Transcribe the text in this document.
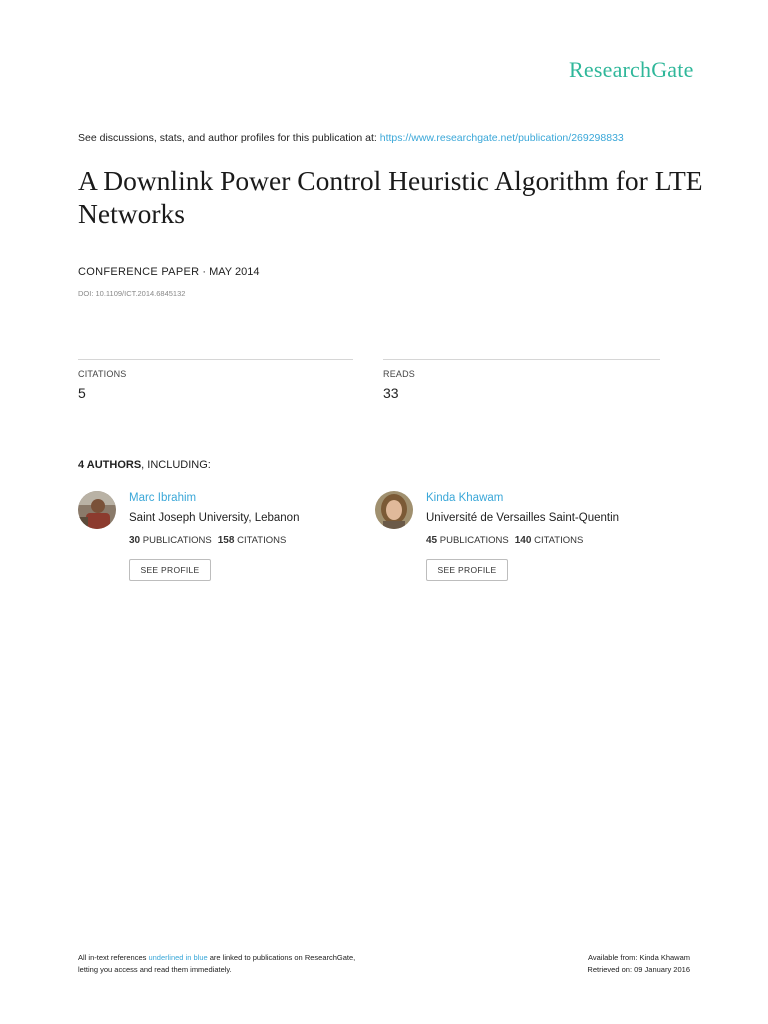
ResearchGate
See discussions, stats, and author profiles for this publication at: https://www.researchgate.net/publication/269298833
A Downlink Power Control Heuristic Algorithm for LTE Networks
CONFERENCE PAPER · MAY 2014
DOI: 10.1109/ICT.2014.6845132
CITATIONS
5
READS
33
4 AUTHORS, INCLUDING:
Marc Ibrahim
Saint Joseph University, Lebanon
30 PUBLICATIONS 158 CITATIONS
SEE PROFILE
Kinda Khawam
Université de Versailles Saint-Quentin
45 PUBLICATIONS 140 CITATIONS
SEE PROFILE
All in-text references underlined in blue are linked to publications on ResearchGate,
letting you access and read them immediately.
Available from: Kinda Khawam
Retrieved on: 09 January 2016
